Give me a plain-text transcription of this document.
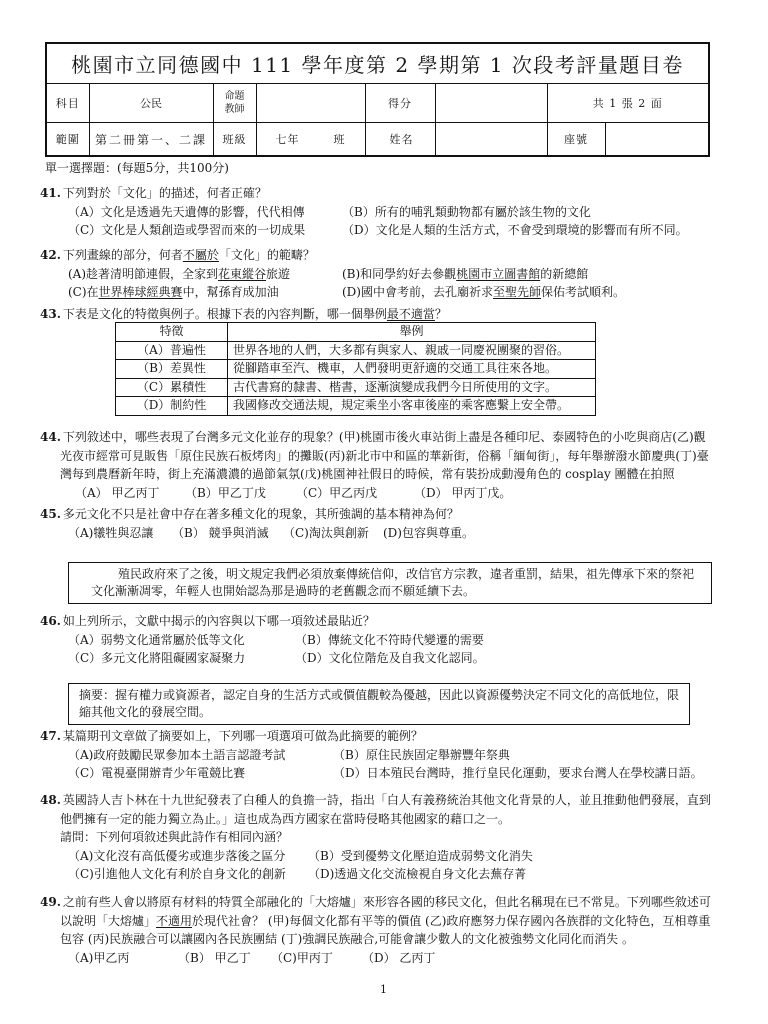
桃園市立同德國中 111 學年度第 2 學期第 1 次段考評量題目卷							
科目	公民	命題
教師		得分		共 1 張 2 面	
範圍	第二冊第一、二課	班級	七年 班	姓名		座號	
單一選擇題：(每題5分，共100分)
41. 下列對於「文化」的描述，何者正確？
（A）文化是透過先天遺傳的影響，代代相傳	（B）所有的哺乳類動物都有屬於該生物的文化
（C）文化是人類創造或學習而來的一切成果	（D）文化是人類的生活方式，不會受到環境的影響而有所不同。
42. 下列畫線的部分，何者不屬於「文化」的範疇？
(A)趁著清明節連假，全家到花東縱谷旅遊	(B)和同學約好去參觀桃園市立圖書館的新總館
(C)在世界棒球經典賽中，幫孫育成加油	(D)國中會考前，去孔廟祈求至聖先師保佑考試順利。
43. 下表是文化的特徵與例子。根據下表的內容判斷，哪一個舉例最不適當？
特徵	舉例
（A）普遍性	世界各地的人們，大多都有與家人、親戚一同慶祝團聚的習俗。
（B）差異性	從腳踏車至汽、機車，人們發明更舒適的交通工具往來各地。
（C）累積性	古代書寫的隸書、楷書，逐漸演變成我們今日所使用的文字。
（D）制約性	我國修改交通法規，規定乘坐小客車後座的乘客應繫上安全帶。
44. 下列敘述中，哪些表現了台灣多元文化並存的現象？(甲)桃園市後火車站街上盡是各種印尼、泰國特色的小吃與商店(乙)觀光夜市經常可見販售「原住民族石板烤肉」的攤販(丙)新北市中和區的華新街，俗稱「緬甸街」，每年舉辦潑水節慶典(丁)臺灣每到農曆新年時，街上充滿濃濃的過節氣氛(戊)桃園神社假日的時候，常有裝扮成動漫角色的 cosplay 團體在拍照
（A） 甲乙丙丁	（B）甲乙丁戊	（C）甲乙丙戊	（D） 甲丙丁戊。
45. 多元文化不只是社會中存在著多種文化的現象，其所強調的基本精神為何？
（A)犧牲與忍讓	（B） 競爭與消滅	（C)淘汰與創新	(D)包容與尊重。
殖民政府來了之後，明文規定我們必須放棄傳統信仰，改信官方宗教，違者重罰，結果，祖先傳承下來的祭祀文化漸漸凋零，年輕人也開始認為那是過時的老舊觀念而不願延續下去。
46. 如上列所示，文獻中揭示的內容與以下哪一項敘述最貼近？
（A）弱勢文化通常屬於低等文化	（B）傳統文化不符時代變遷的需要
（C）多元文化將阻礙國家凝聚力	（D）文化位階危及自我文化認同。
摘要：握有權力或資源者，認定自身的生活方式或價值觀較為優越，因此以資源優勢決定不同文化的高低地位，限縮其他文化的發展空間。
47. 某篇期刊文章做了摘要如上，下列哪一項選項可做為此摘要的範例？
（A)政府鼓勵民眾參加本土語言認證考試	（B）原住民族固定舉辦豐年祭典
（C）電視臺開辦青少年電競比賽	（D）日本殖民台灣時，推行皇民化運動，要求台灣人在學校講日語。
48. 英國詩人吉卜林在十九世紀發表了白種人的負擔一詩，指出「白人有義務統治其他文化背景的人，並且推動他們發展，直到他們擁有一定的能力獨立為止。」這也成為西方國家在當時侵略其他國家的藉口之一。
請問：下列何項敘述與此詩作有相同內涵？
（A)文化沒有高低優劣或進步落後之區分	（B）受到優勢文化壓迫造成弱勢文化消失
（C)引進他人文化有利於自身文化的創新	（D)透過文化交流檢視自身文化去蕪存菁
49. 之前有些人會以將原有材料的特質全部融化的「大熔爐」來形容各國的移民文化，但此名稱現在已不常見。下列哪些敘述可以說明「大熔爐」不適用於現代社會？ (甲)每個文化都有平等的價值 (乙)政府應努力保存國內各族群的文化特色，互相尊重包容 (丙)民族融合可以讓國內各民族團結 (丁)強調民族融合,可能會讓少數人的文化被強勢文化同化而消失 。
（A)甲乙丙	（B） 甲乙丁	（C)甲丙丁	（D） 乙丙丁
1
